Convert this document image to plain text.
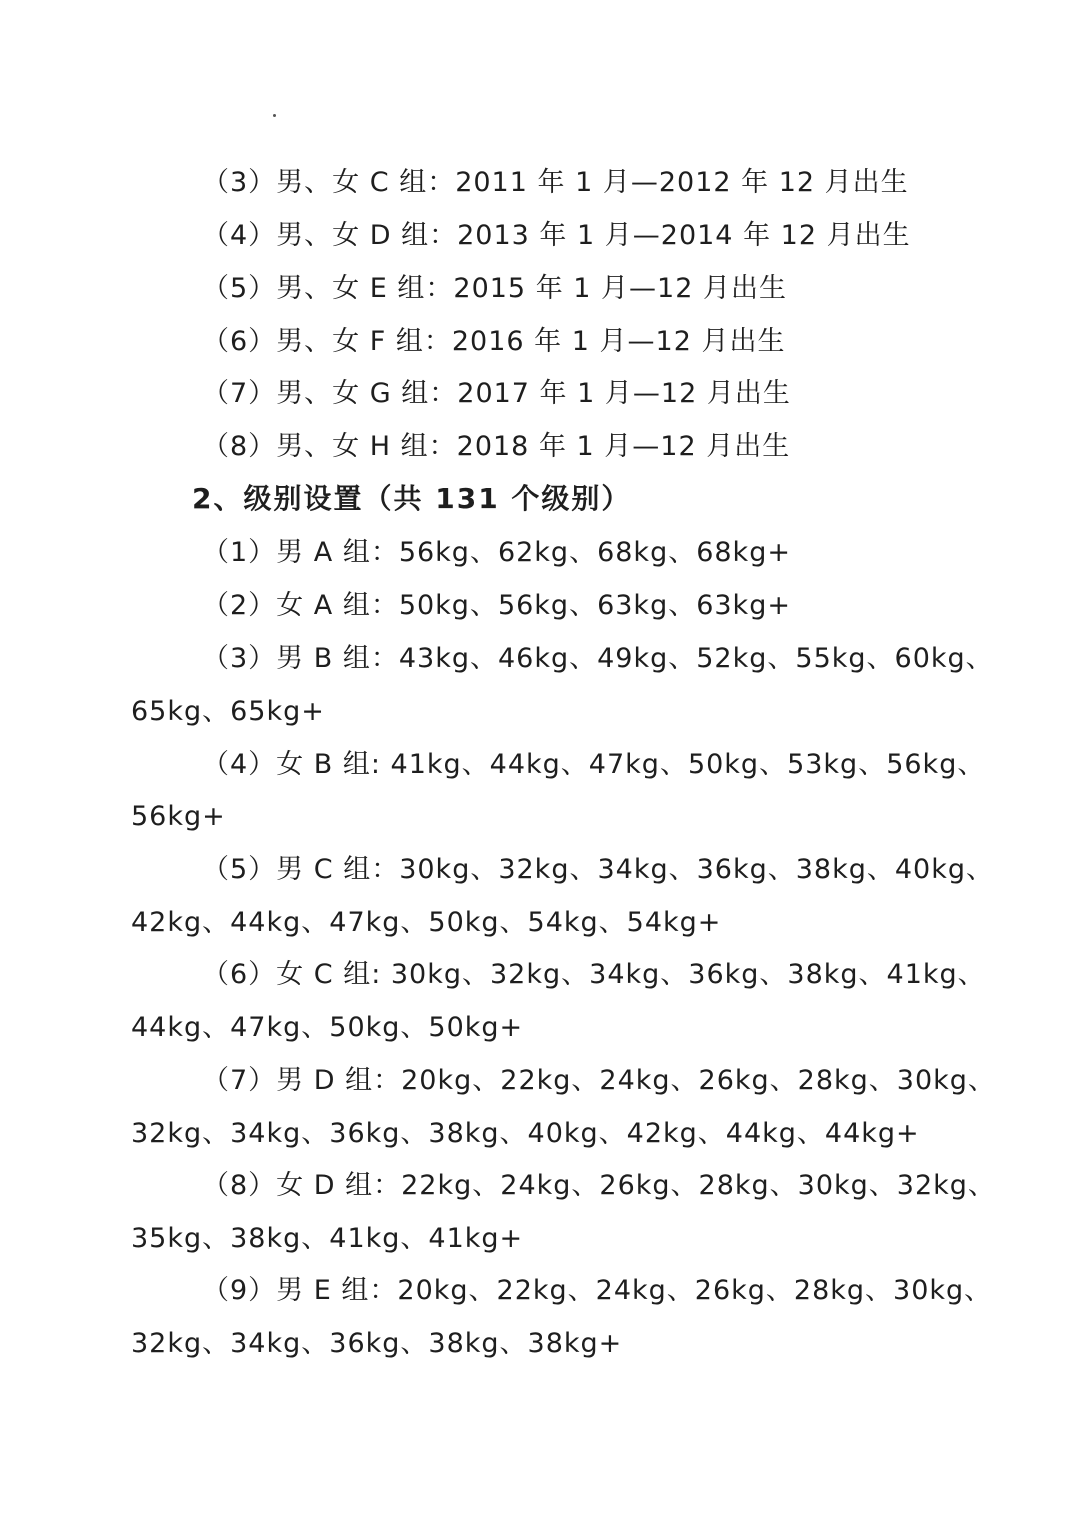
（3）男、女 C 组：2011 年 1 月—2012 年 12 月出生
（4）男、女 D 组：2013 年 1 月—2014 年 12 月出生
（5）男、女 E 组：2015 年 1 月—12 月出生
（6）男、女 F 组：2016 年 1 月—12 月出生
（7）男、女 G 组：2017 年 1 月—12 月出生
（8）男、女 H 组：2018 年 1 月—12 月出生
2、级别设置（共 131 个级别）
（1）男 A 组：56kg、62kg、68kg、68kg+
（2）女 A 组：50kg、56kg、63kg、63kg+
（3）男 B 组：43kg、46kg、49kg、52kg、55kg、60kg、
65kg、65kg+
（4）女 B 组: 41kg、44kg、47kg、50kg、53kg、56kg、
56kg+
（5）男 C 组：30kg、32kg、34kg、36kg、38kg、40kg、
42kg、44kg、47kg、50kg、54kg、54kg+
（6）女 C 组: 30kg、32kg、34kg、36kg、38kg、41kg、
44kg、47kg、50kg、50kg+
（7）男 D 组：20kg、22kg、24kg、26kg、28kg、30kg、
32kg、34kg、36kg、38kg、40kg、42kg、44kg、44kg+
（8）女 D 组：22kg、24kg、26kg、28kg、30kg、32kg、
35kg、38kg、41kg、41kg+
（9）男 E 组：20kg、22kg、24kg、26kg、28kg、30kg、
32kg、34kg、36kg、38kg、38kg+
